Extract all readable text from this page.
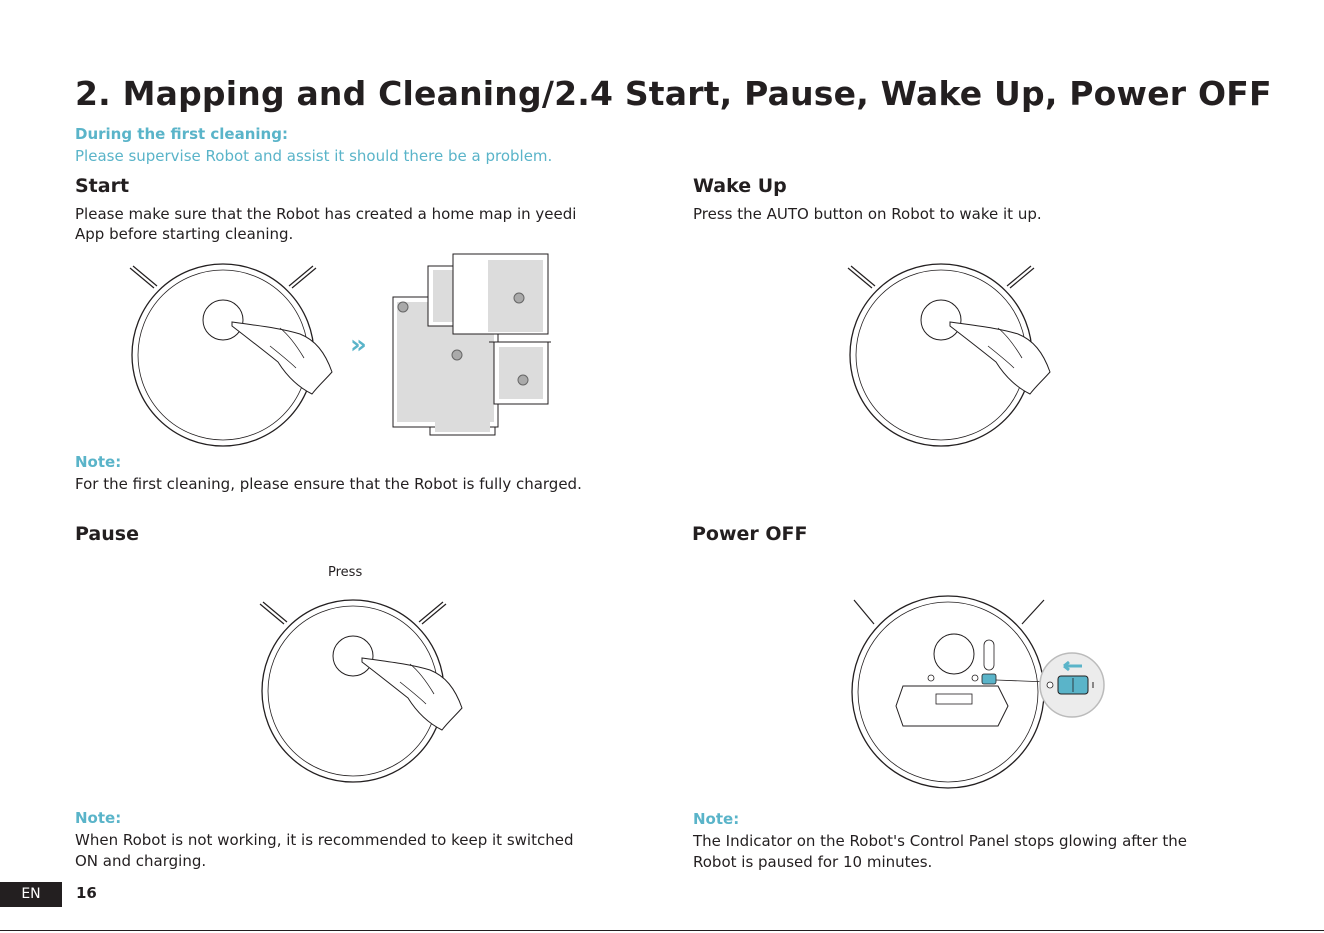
2. Mapping and Cleaning/2.4 Start, Pause, Wake Up, Power OFF
During the first cleaning:
Please supervise Robot and assist it should there be a problem.
Start
Please make sure that the Robot has created a home map in yeedi
App before starting cleaning.
»
Note:
For the first cleaning, please ensure that the Robot is fully charged.
Wake Up
Press the AUTO button on Robot to wake it up.
Pause
Press
Note:
When Robot is not working, it is recommended to keep it switched
ON and charging.
Power OFF
Note:
The Indicator on the Robot's Control Panel stops glowing after the
Robot is paused for 10 minutes.
EN	16
